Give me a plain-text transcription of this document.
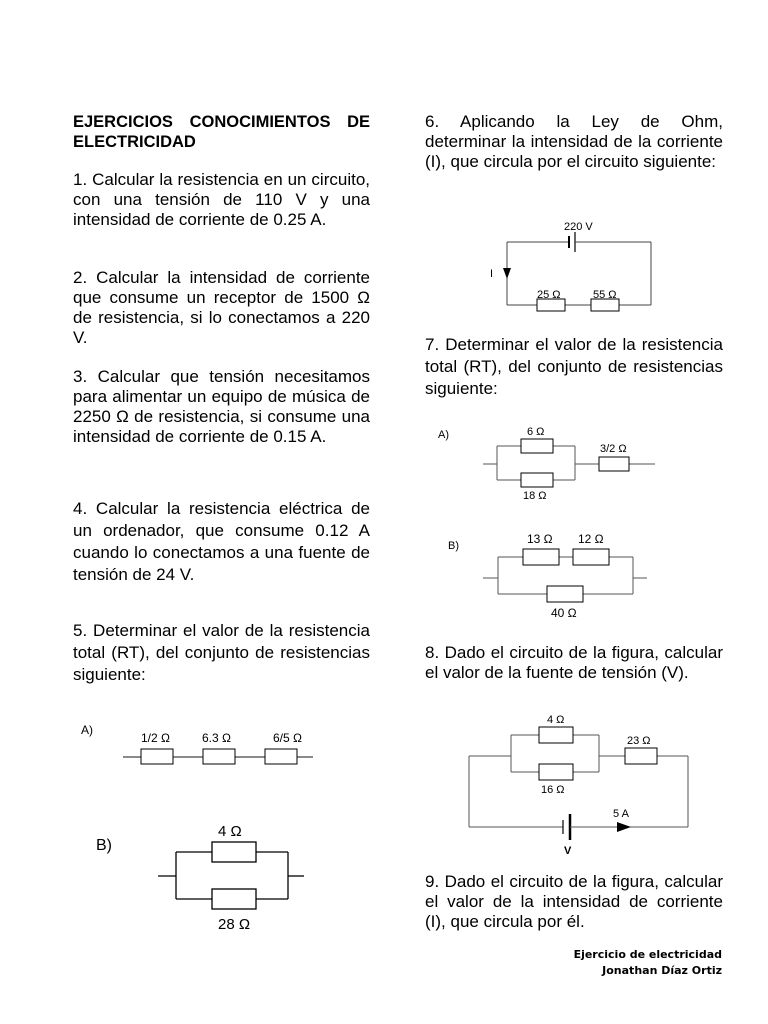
EJERCICIOS CONOCIMIENTOS DE ELECTRICIDAD

1. Calcular la resistencia en un circuito, con una tensión de 110 V y una intensidad de corriente de 0.25 A.

2. Calcular la intensidad de corriente que consume un receptor de 1500 Ω de resistencia, si lo conectamos a 220 V.

3. Calcular que tensión necesitamos para alimentar un equipo de música de 2250 Ω de resistencia, si consume una intensidad de corriente de 0.15 A.

4. Calcular la resistencia eléctrica de un ordenador, que consume 0.12 A cuando lo conectamos a una fuente de tensión de 24 V.

5. Determinar el valor de la resistencia total (RT), del conjunto de resistencias siguiente:

A)
1/2 Ω	6.3 Ω	6/5 Ω
B)
4 Ω
28 Ω

6. Aplicando la Ley de Ohm, determinar la intensidad de la corriente (I), que circula por el circuito siguiente:

220 V
I
25 Ω	55 Ω

7. Determinar el valor de la resistencia total (RT), del conjunto de resistencias siguiente:

A)	6 Ω
18 Ω
3/2 Ω
B)	13 Ω 12 Ω
40 Ω

8. Dado el circuito de la figura, calcular el valor de la fuente de tensión (V).

4 Ω
16 Ω
23 Ω
5 A
V

9. Dado el circuito de la figura, calcular el valor de la intensidad de corriente (I), que circula por él.

Ejercicio de electricidad
Jonathan Díaz Ortiz
